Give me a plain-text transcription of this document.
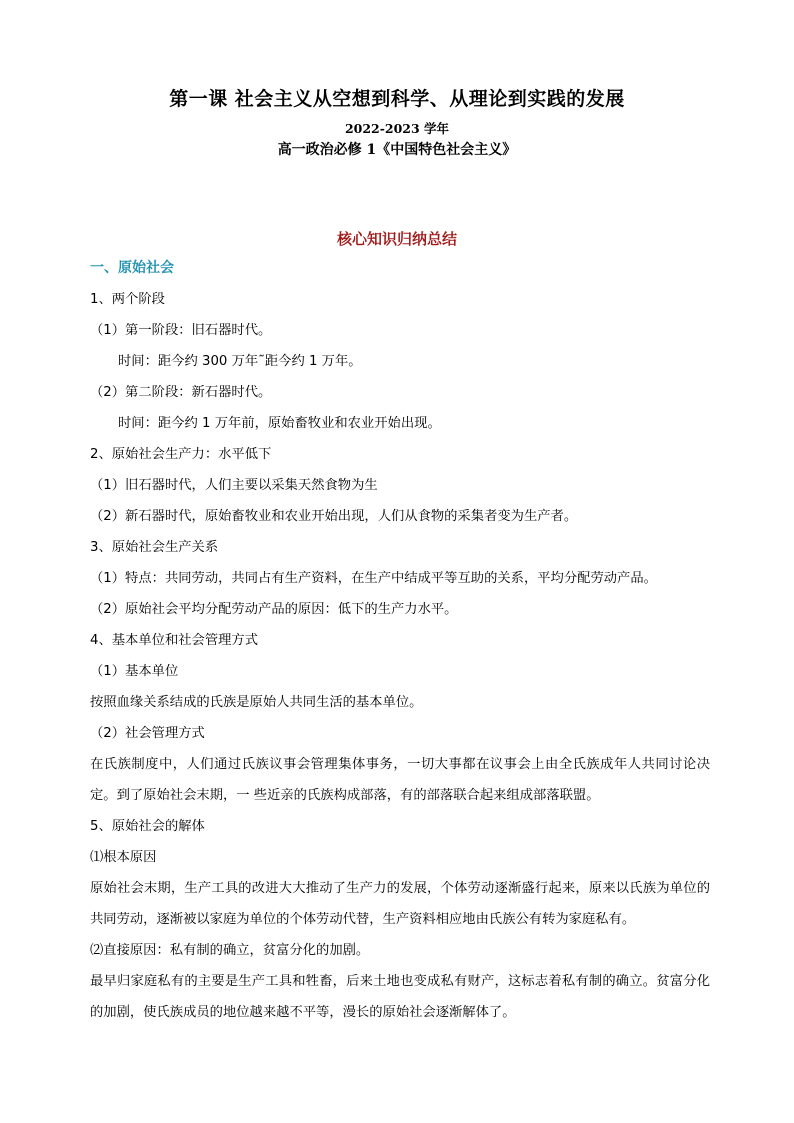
第一课 社会主义从空想到科学、从理论到实践的发展
2022-2023 学年
高一政治必修 1《中国特色社会主义》
核心知识归纳总结

一、原始社会

1、两个阶段

（1）第一阶段：旧石器时代。

时间：距今约 300 万年˜距今约 1 万年。

（2）第二阶段：新石器时代。

时间：距今约 1 万年前，原始畜牧业和农业开始出现。

2、原始社会生产力：水平低下

（1）旧石器时代，人们主要以采集天然食物为生

（2）新石器时代，原始畜牧业和农业开始出现，人们从食物的采集者变为生产者。

3、原始社会生产关系

（1）特点：共同劳动，共同占有生产资料，在生产中结成平等互助的关系，平均分配劳动产品。

（2）原始社会平均分配劳动产品的原因：低下的生产力水平。

4、基本单位和社会管理方式

（1）基本单位

按照血缘关系结成的氏族是原始人共同生活的基本单位。

（2）社会管理方式

在氏族制度中，人们通过氏族议事会管理集体事务，一切大事都在议事会上由全氏族成年人共同讨论决定。到了原始社会末期，一 些近亲的氏族构成部落，有的部落联合起来组成部落联盟。

5、原始社会的解体

⑴根本原因

原始社会末期，生产工具的改进大大推动了生产力的发展，个体劳动逐渐盛行起来，原来以氏族为单位的共同劳动，逐渐被以家庭为单位的个体劳动代替，生产资料相应地由氏族公有转为家庭私有。

⑵直接原因：私有制的确立，贫富分化的加剧。

最早归家庭私有的主要是生产工具和牲畜，后来土地也变成私有财产，这标志着私有制的确立。贫富分化的加剧，使氏族成员的地位越来越不平等，漫长的原始社会逐渐解体了。
